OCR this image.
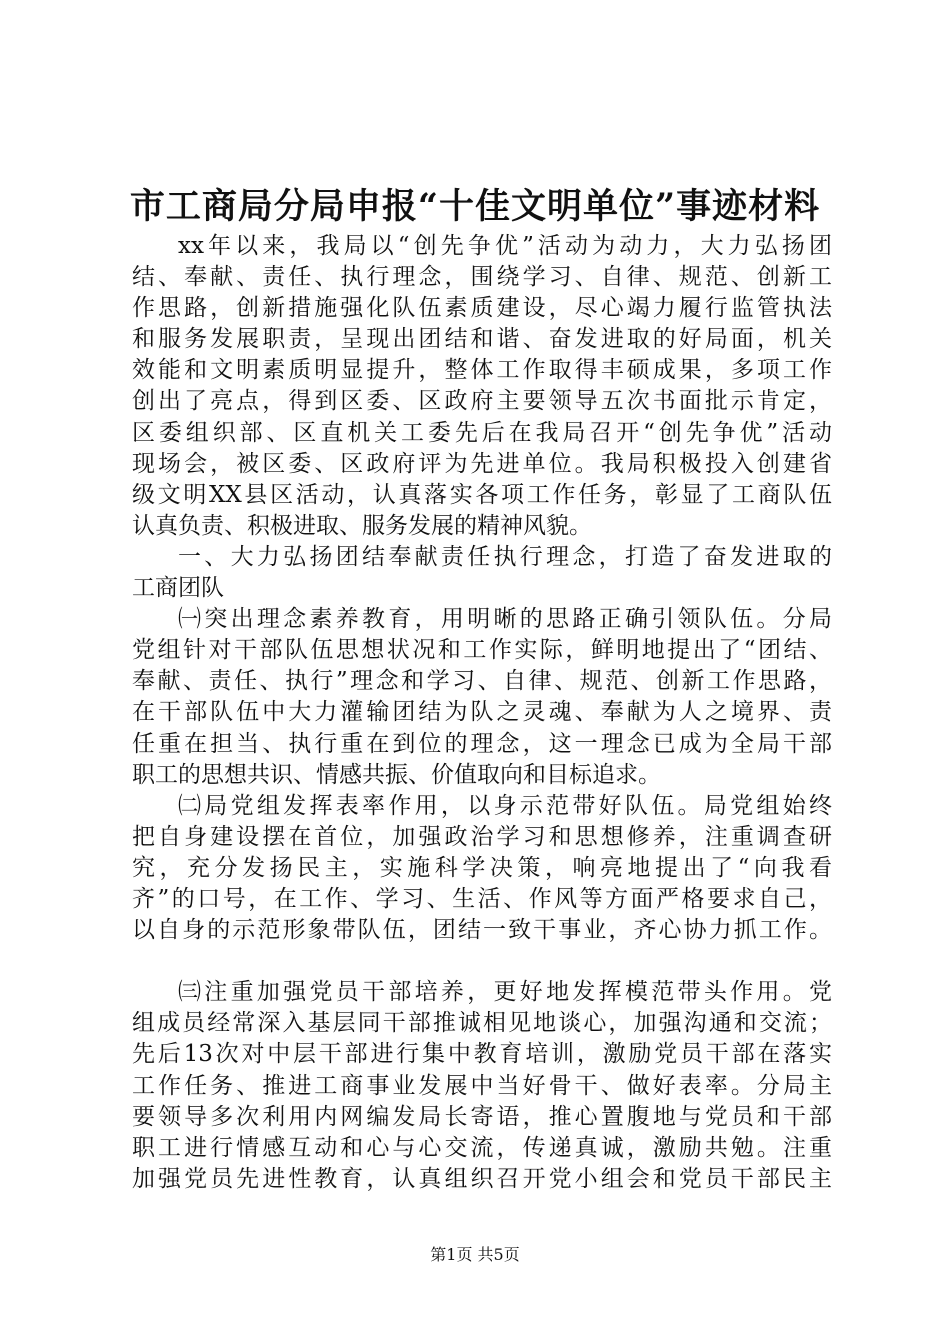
市工商局分局申报“十佳文明单位”事迹材料
xx年以来，我局以“创先争优”活动为动力，大力弘扬团
结、奉献、责任、执行理念，围绕学习、自律、规范、创新工
作思路，创新措施强化队伍素质建设，尽心竭力履行监管执法
和服务发展职责，呈现出团结和谐、奋发进取的好局面，机关
效能和文明素质明显提升，整体工作取得丰硕成果，多项工作
创出了亮点，得到区委、区政府主要领导五次书面批示肯定，
区委组织部、区直机关工委先后在我局召开“创先争优”活动
现场会，被区委、区政府评为先进单位。我局积极投入创建省
级文明XX县区活动，认真落实各项工作任务，彰显了工商队伍
认真负责、积极进取、服务发展的精神风貌。
一、大力弘扬团结奉献责任执行理念，打造了奋发进取的
工商团队
㈠突出理念素养教育，用明晰的思路正确引领队伍。分局
党组针对干部队伍思想状况和工作实际，鲜明地提出了“团结、
奉献、责任、执行”理念和学习、自律、规范、创新工作思路，
在干部队伍中大力灌输团结为队之灵魂、奉献为人之境界、责
任重在担当、执行重在到位的理念，这一理念已成为全局干部
职工的思想共识、情感共振、价值取向和目标追求。
㈡局党组发挥表率作用，以身示范带好队伍。局党组始终
把自身建设摆在首位，加强政治学习和思想修养，注重调查研
究，充分发扬民主，实施科学决策，响亮地提出了“向我看
齐”的口号，在工作、学习、生活、作风等方面严格要求自己，
以自身的示范形象带队伍，团结一致干事业，齐心协力抓工作。
㈢注重加强党员干部培养，更好地发挥模范带头作用。党
组成员经常深入基层同干部推诚相见地谈心，加强沟通和交流；
先后13次对中层干部进行集中教育培训，激励党员干部在落实
工作任务、推进工商事业发展中当好骨干、做好表率。分局主
要领导多次利用内网编发局长寄语，推心置腹地与党员和干部
职工进行情感互动和心与心交流，传递真诚，激励共勉。注重
加强党员先进性教育，认真组织召开党小组会和党员干部民主
第1页 共5页
